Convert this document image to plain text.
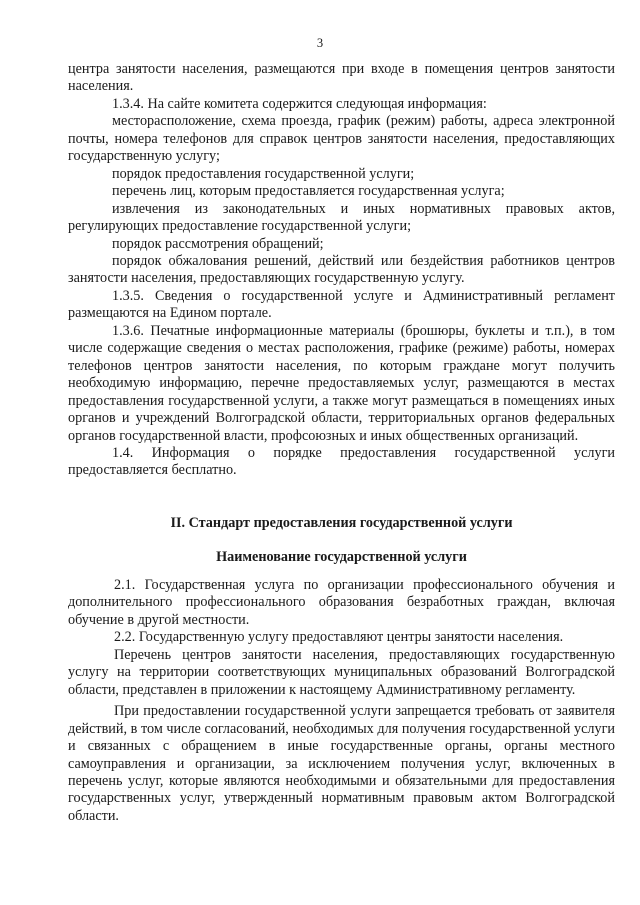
3

центра занятости населения, размещаются при входе в помещения центров занятости населения.

1.3.4. На сайте комитета содержится следующая информация:

месторасположение, схема проезда, график (режим) работы, адреса электронной почты, номера телефонов для справок центров занятости населения, предоставляющих государственную услугу;

порядок предоставления государственной услуги;

перечень лиц, которым предоставляется государственная услуга;

извлечения из законодательных и иных нормативных правовых актов, регулирующих предоставление государственной услуги;

порядок рассмотрения обращений;

порядок обжалования решений, действий или бездействия работников центров занятости населения, предоставляющих государственную услугу.

1.3.5. Сведения о государственной услуге и Административный регламент размещаются на Едином портале.

1.3.6. Печатные информационные материалы (брошюры, буклеты и т.п.), в том числе содержащие сведения о местах расположения, графике (режиме) работы, номерах телефонов центров занятости населения, по которым граждане могут получить необходимую информацию, перечне предоставляемых услуг, размещаются в местах предоставления государственной услуги, а также могут размещаться в помещениях иных органов и учреждений Волгоградской области, территориальных органов федеральных органов государственной власти, профсоюзных и иных общественных организаций.

1.4. Информация о порядке предоставления государственной услуги предоставляется бесплатно.

II. Стандарт предоставления государственной услуги
Наименование государственной услуги

2.1. Государственная услуга по организации профессионального обучения и дополнительного профессионального образования безработных граждан, включая обучение в другой местности.

2.2. Государственную услугу предоставляют центры занятости населения.

Перечень центров занятости населения, предоставляющих государственную услугу на территории соответствующих муниципальных образований Волгоградской области, представлен в приложении к настоящему Административному регламенту.

При предоставлении государственной услуги запрещается требовать от заявителя действий, в том числе согласований, необходимых для получения государственной услуги и связанных с обращением в иные государственные органы, органы местного самоуправления и организации, за исключением получения услуг, включенных в перечень услуг, которые являются необходимыми и обязательными для предоставления государственных услуг, утвержденный нормативным правовым актом Волгоградской области.
